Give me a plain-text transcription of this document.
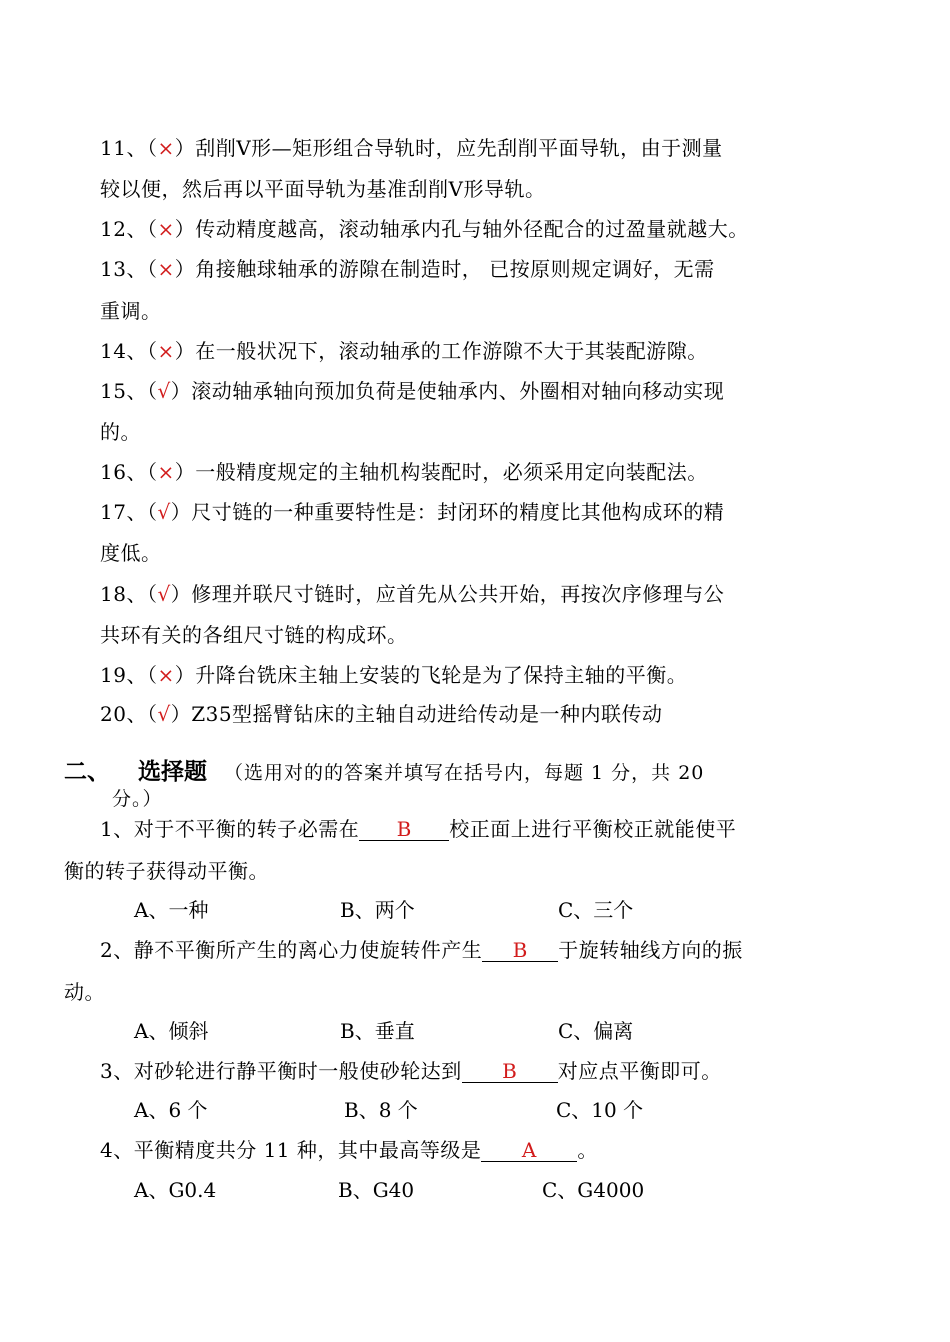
11、（×）刮削V形—矩形组合导轨时，应先刮削平面导轨，由于测量
较以便，然后再以平面导轨为基准刮削V形导轨。
12、（×）传动精度越高，滚动轴承内孔与轴外径配合的过盈量就越大。
13、（×）角接触球轴承的游隙在制造时， 已按原则规定调好，无需
重调。
14、（×）在一般状况下，滚动轴承的工作游隙不大于其装配游隙。
15、（√）滚动轴承轴向预加负荷是使轴承内、外圈相对轴向移动实现
的。
16、（×）一般精度规定的主轴机构装配时，必须采用定向装配法。
17、（√）尺寸链的一种重要特性是：封闭环的精度比其他构成环的精
度低。
18、（√）修理并联尺寸链时，应首先从公共开始，再按次序修理与公
共环有关的各组尺寸链的构成环。
19、（×）升降台铣床主轴上安装的飞轮是为了保持主轴的平衡。
20、（√）Z35型摇臂钻床的主轴自动进给传动是一种内联传动
二、 选择题 （选用对的的答案并填写在括号内，每题 1 分，共 20
分。）
1、对于不平衡的转子必需在 B 校正面上进行平衡校正就能使平
衡的转子获得动平衡。
A、一种	B、两个	C、三个
2、静不平衡所产生的离心力使旋转件产生 B 于旋转轴线方向的振
动。
A、倾斜	B、垂直	C、偏离
3、对砂轮进行静平衡时一般使砂轮达到 B 对应点平衡即可。
A、6 个	B、8 个	C、10 个
4、平衡精度共分 11 种，其中最高等级是 A 。
A、G0.4	B、G40	C、G4000
